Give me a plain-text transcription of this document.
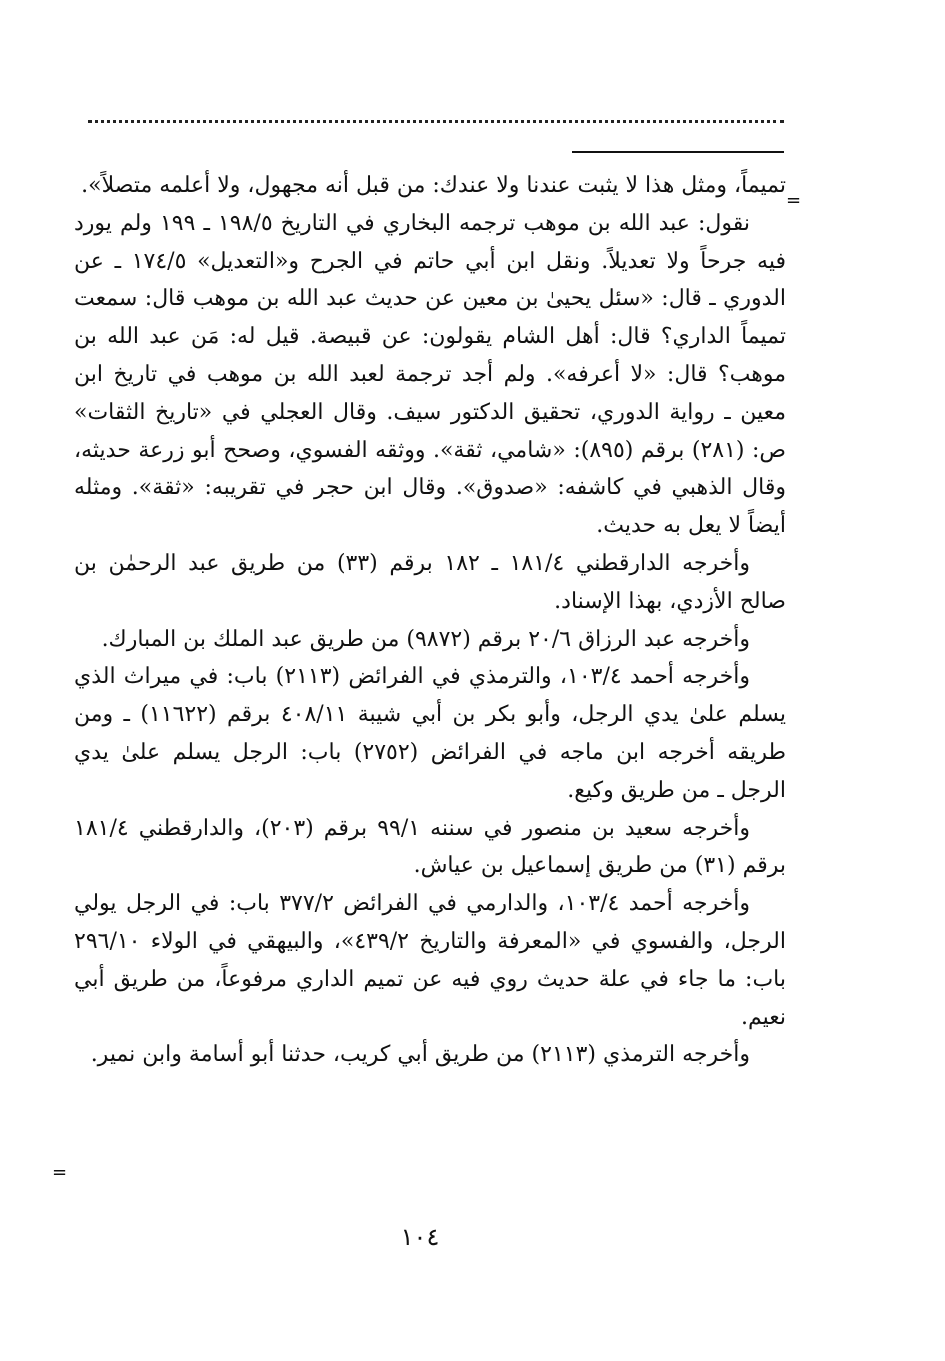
=

تميماً، ومثل هذا لا يثبت عندنا ولا عندك: من قبل أنه مجهول، ولا أعلمه متصلاً».

نقول: عبد الله بن موهب ترجمه البخاري في التاريخ ١٩٨/٥ ـ ١٩٩ ولم يورد فيه جرحاً ولا تعديلاً. ونقل ابن أبي حاتم في الجرح و«التعديل» ١٧٤/٥ ـ عن الدوري ـ قال: «سئل يحيىٰ بن معين عن حديث عبد الله بن موهب قال: سمعت تميماً الداري؟ قال: أهل الشام يقولون: عن قبيصة. قيل له: مَن عبد الله بن موهب؟ قال: «لا أعرفه». ولم أجد ترجمة لعبد الله بن موهب في تاريخ ابن معين ـ رواية الدوري، تحقيق الدكتور سيف. وقال العجلي في «تاريخ الثقات» ص: (٢٨١) برقم (٨٩٥): «شامي، ثقة». ووثقه الفسوي، وصحح أبو زرعة حديثه، وقال الذهبي في كاشفه: «صدوق». وقال ابن حجر في تقريبه: «ثقة». ومثله أيضاً لا يعل به حديث.

وأخرجه الدارقطني ١٨١/٤ ـ ١٨٢ برقم (٣٣) من طريق عبد الرحمٰن بن صالح الأزدي، بهذا الإسناد.

وأخرجه عبد الرزاق ٢٠/٦ برقم (٩٨٧٢) من طريق عبد الملك بن المبارك.

وأخرجه أحمد ١٠٣/٤، والترمذي في الفرائض (٢١١٣) باب: في ميراث الذي يسلم علىٰ يدي الرجل، وأبو بكر بن أبي شيبة ٤٠٨/١١ برقم (١١٦٢٢) ـ ومن طريقه أخرجه ابن ماجه في الفرائض (٢٧٥٢) باب: الرجل يسلم علىٰ يدي الرجل ـ من طريق وكيع.

وأخرجه سعيد بن منصور في سننه ٩٩/١ برقم (٢٠٣)، والدارقطني ١٨١/٤ برقم (٣١) من طريق إسماعيل بن عياش.

وأخرجه أحمد ١٠٣/٤، والدارمي في الفرائض ٣٧٧/٢ باب: في الرجل يولي الرجل، والفسوي في «المعرفة والتاريخ ٤٣٩/٢»، والبيهقي في الولاء ٢٩٦/١٠ باب: ما جاء في علة حديث روي فيه عن تميم الداري مرفوعاً، من طريق أبي نعيم.

وأخرجه الترمذي (٢١١٣) من طريق أبي كريب، حدثنا أبو أسامة وابن نمير.

=
١٠٤
